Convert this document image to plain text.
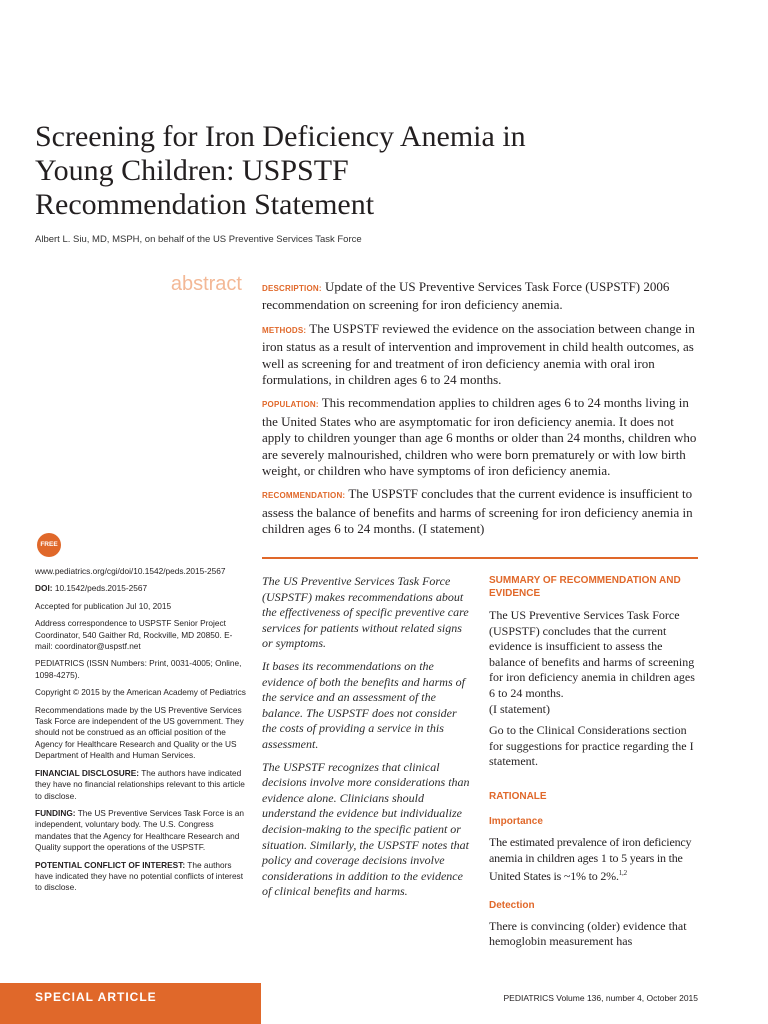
Screening for Iron Deficiency Anemia in
Young Children: USPSTF
Recommendation Statement
Albert L. Siu, MD, MSPH, on behalf of the US Preventive Services Task Force
abstract	DESCRIPTION: Update of the US Preventive Services Task Force (USPSTF) 2006 recommendation on screening for iron deficiency anemia.

METHODS: The USPSTF reviewed the evidence on the association between change in iron status as a result of intervention and improvement in child health outcomes, as well as screening for and treatment of iron deficiency anemia with oral iron formulations, in children ages 6 to 24 months.

POPULATION: This recommendation applies to children ages 6 to 24 months living in the United States who are asymptomatic for iron deficiency anemia. It does not apply to children younger than age 6 months or older than 24 months, children who are severely malnourished, children who were born prematurely or with low birth weight, or children who have symptoms of iron deficiency anemia.

RECOMMENDATION: The USPSTF concludes that the current evidence is insufficient to assess the balance of benefits and harms of screening for iron deficiency anemia in children ages 6 to 24 months. (I statement)

FREE
www.pediatrics.org/cgi/doi/10.1542/peds.2015-2567
DOI: 10.1542/peds.2015-2567
Accepted for publication Jul 10, 2015
Address correspondence to USPSTF Senior Project Coordinator, 540 Gaither Rd, Rockville, MD 20850. E-mail: coordinator@uspstf.net
PEDIATRICS (ISSN Numbers: Print, 0031-4005; Online, 1098-4275).
Copyright © 2015 by the American Academy of Pediatrics
Recommendations made by the US Preventive Services Task Force are independent of the US government. They should not be construed as an official position of the Agency for Healthcare Research and Quality or the US Department of Health and Human Services.
FINANCIAL DISCLOSURE: The authors have indicated they have no financial relationships relevant to this article to disclose.
FUNDING: The US Preventive Services Task Force is an independent, voluntary body. The U.S. Congress mandates that the Agency for Healthcare Research and Quality support the operations of the USPSTF.
POTENTIAL CONFLICT OF INTEREST: The authors have indicated they have no potential conflicts of interest to disclose.

The US Preventive Services Task Force (USPSTF) makes recommendations about the effectiveness of specific preventive care services for patients without related signs or symptoms.

It bases its recommendations on the evidence of both the benefits and harms of the service and an assessment of the balance. The USPSTF does not consider the costs of providing a service in this assessment.

The USPSTF recognizes that clinical decisions involve more considerations than evidence alone. Clinicians should understand the evidence but individualize decision-making to the specific patient or situation. Similarly, the USPSTF notes that policy and coverage decisions involve considerations in addition to the evidence of clinical benefits and harms.

SUMMARY OF RECOMMENDATION AND EVIDENCE

The US Preventive Services Task Force (USPSTF) concludes that the current evidence is insufficient to assess the balance of benefits and harms of screening for iron deficiency anemia in children ages 6 to 24 months.

(I statement)

Go to the Clinical Considerations section for suggestions for practice regarding the I statement.

RATIONALE
Importance

The estimated prevalence of iron deficiency anemia in children ages 1 to 5 years in the United States is ~1% to 2%.$^{1,2}$

Detection

There is convincing (older) evidence that hemoglobin measurement has

SPECIAL ARTICLE	PEDIATRICS Volume 136, number 4, October 2015
